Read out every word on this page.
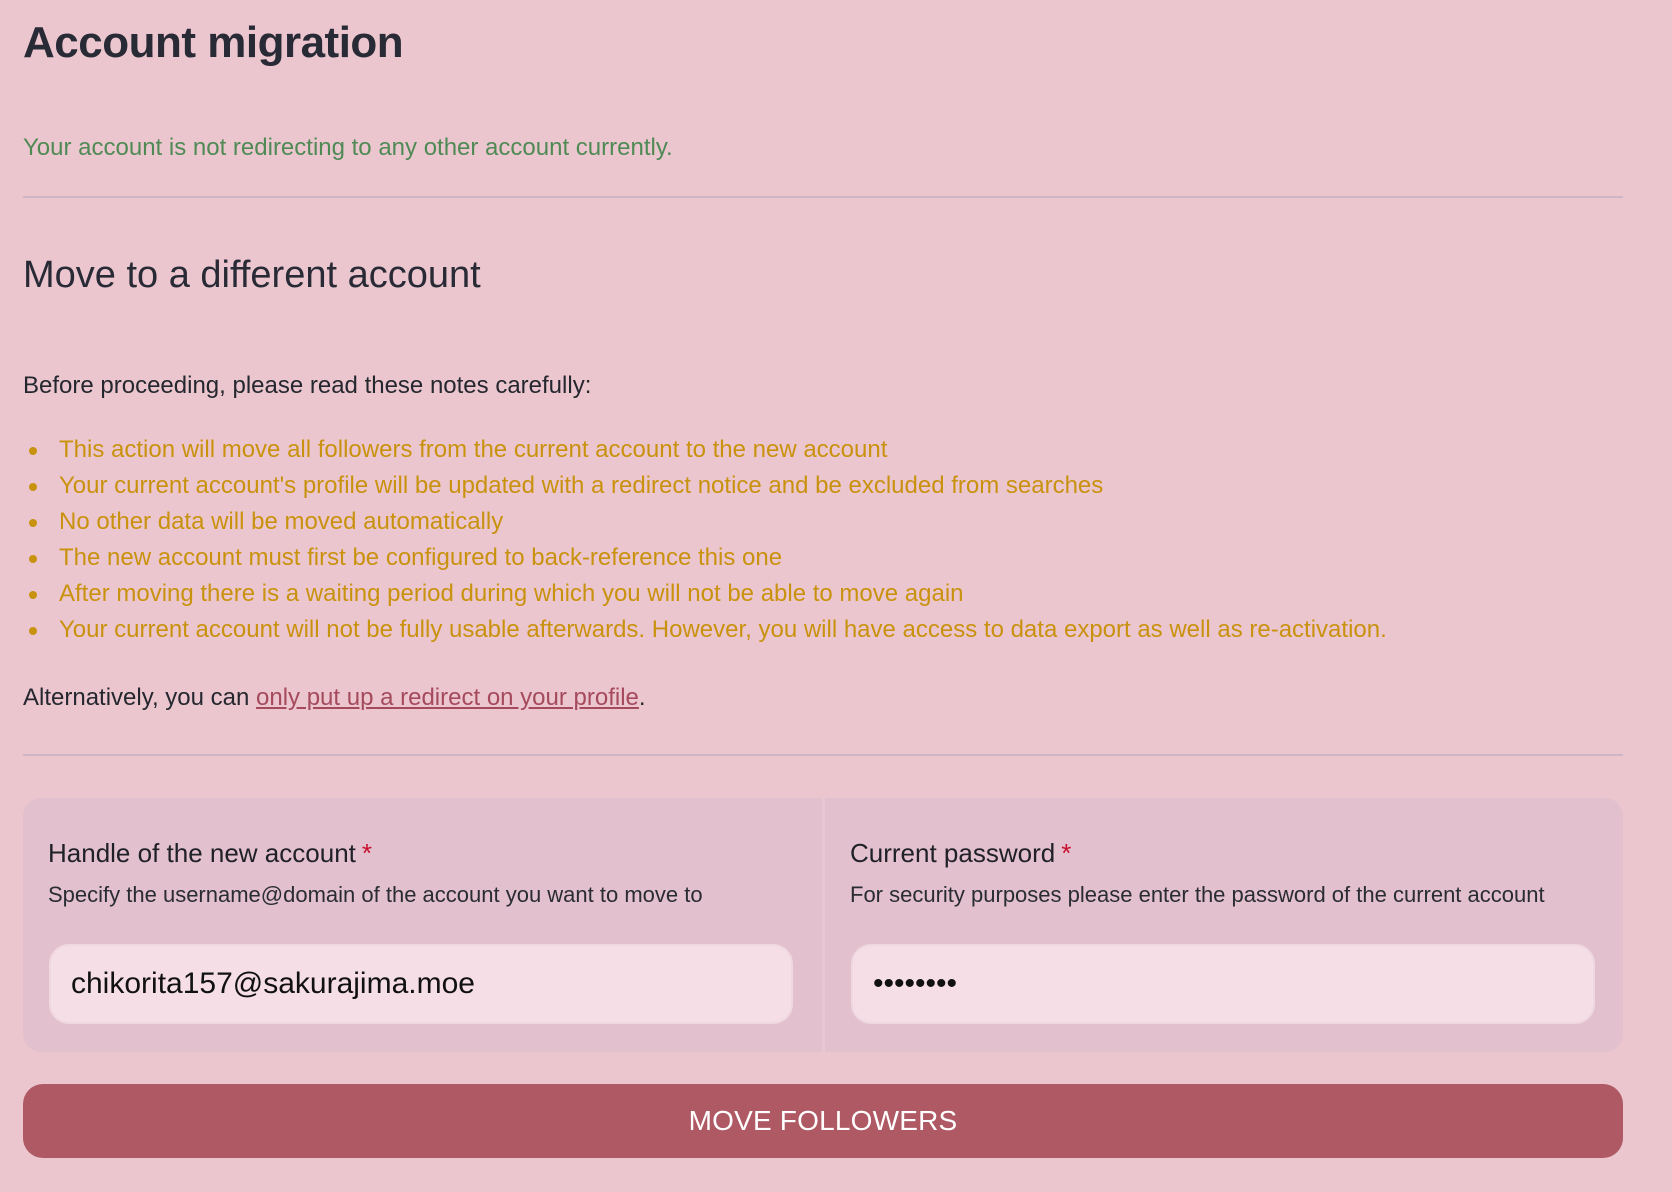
Account migration
Your account is not redirecting to any other account currently.
Move to a different account
Before proceeding, please read these notes carefully:
This action will move all followers from the current account to the new account
Your current account's profile will be updated with a redirect notice and be excluded from searches
No other data will be moved automatically
The new account must first be configured to back-reference this one
After moving there is a waiting period during which you will not be able to move again
Your current account will not be fully usable afterwards. However, you will have access to data export as well as re-activation.
Alternatively, you can only put up a redirect on your profile.
Handle of the new account *
Specify the username@domain of the account you want to move to
chikorita157@sakurajima.moe
Current password *
For security purposes please enter the password of the current account
••••••••
MOVE FOLLOWERS
